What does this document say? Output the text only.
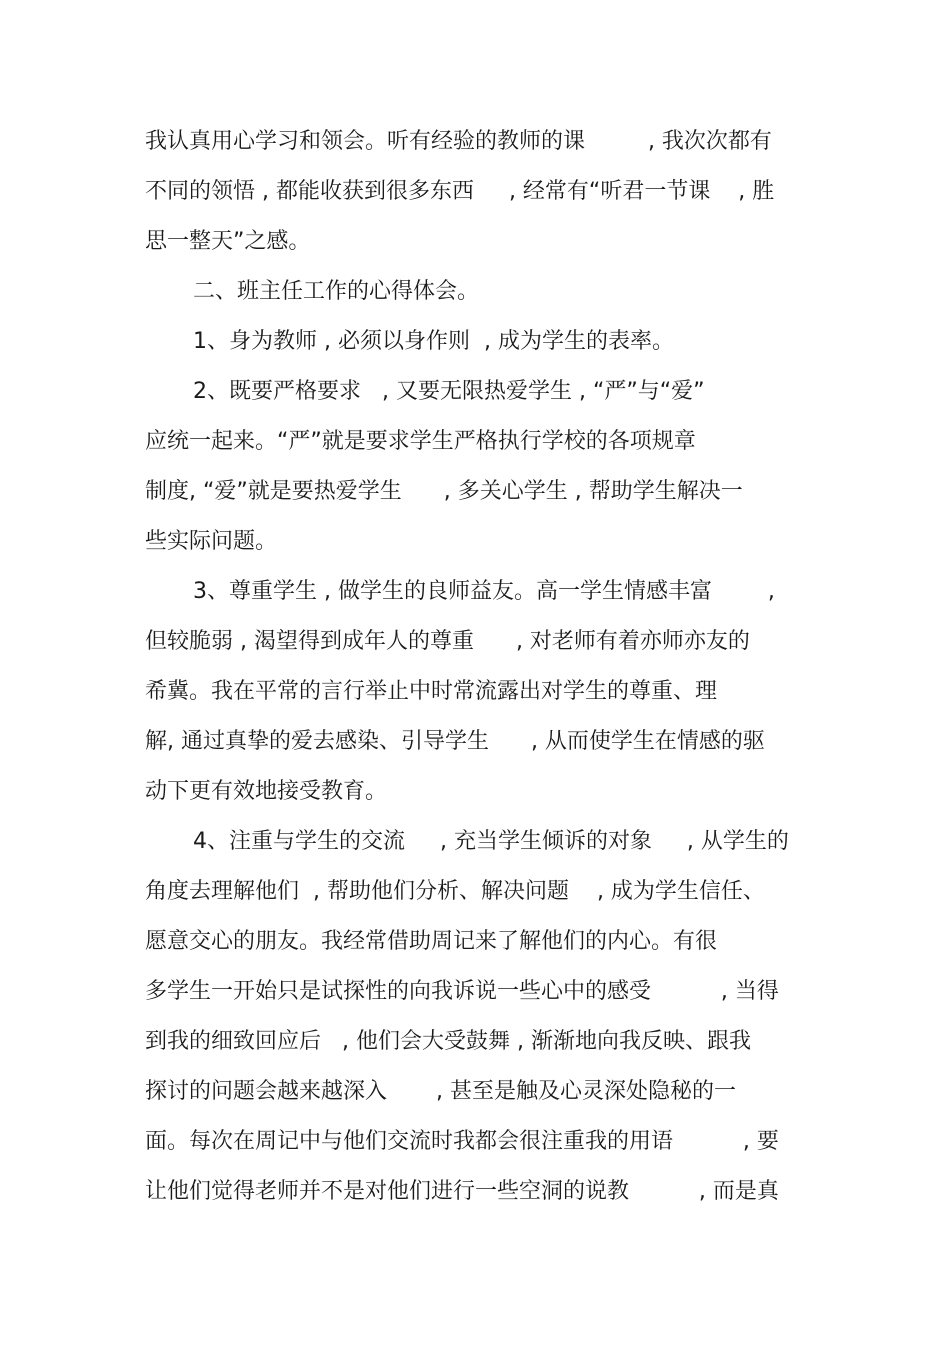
我认真用心学习和领会。听有经验的教师的课         , 我次次都有
不同的领悟 , 都能收获到很多东西     , 经常有“听君一节课    , 胜
思一整天”之感。
二、班主任工作的心得体会。
1、身为教师 , 必须以身作则  , 成为学生的表率。
2、既要严格要求   , 又要无限热爱学生 , “严”与“爱”
应统一起来。“严”就是要求学生严格执行学校的各项规章
制度, “爱”就是要热爱学生      , 多关心学生 , 帮助学生解决一
些实际问题。
3、尊重学生 , 做学生的良师益友。高一学生情感丰富        ,
但较脆弱 , 渴望得到成年人的尊重      , 对老师有着亦师亦友的
希冀。我在平常的言行举止中时常流露出对学生的尊重、理
解, 通过真挚的爱去感染、引导学生      , 从而使学生在情感的驱
动下更有效地接受教育。
4、注重与学生的交流     , 充当学生倾诉的对象     , 从学生的
角度去理解他们  , 帮助他们分析、解决问题    , 成为学生信任、
愿意交心的朋友。我经常借助周记来了解他们的内心。有很
多学生一开始只是试探性的向我诉说一些心中的感受          , 当得
到我的细致回应后   , 他们会大受鼓舞 , 渐渐地向我反映、跟我
探讨的问题会越来越深入       , 甚至是触及心灵深处隐秘的一
面。每次在周记中与他们交流时我都会很注重我的用语          , 要
让他们觉得老师并不是对他们进行一些空洞的说教          , 而是真
